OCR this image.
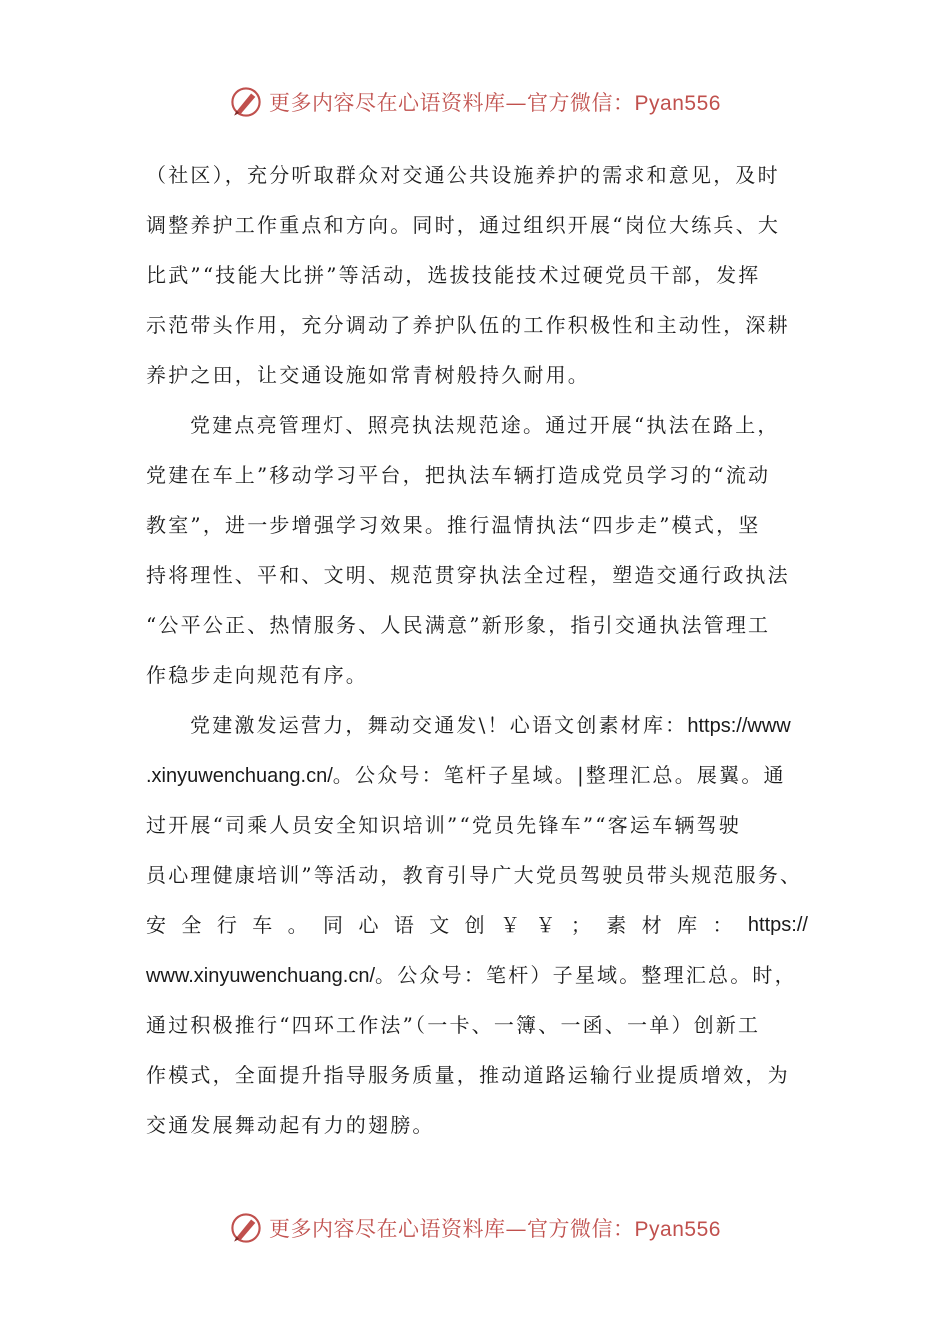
更多内容尽在心语资料库—官方微信：Pyan556
（社区），充分听取群众对交通公共设施养护的需求和意见，及时
调整养护工作重点和方向。同时，通过组织开展“岗位大练兵、大
比武”“技能大比拼”等活动，选拔技能技术过硬党员干部，发挥
示范带头作用，充分调动了养护队伍的工作积极性和主动性，深耕
养护之田，让交通设施如常青树般持久耐用。
党建点亮管理灯、照亮执法规范途。通过开展“执法在路上，
党建在车上”移动学习平台，把执法车辆打造成党员学习的“流动
教室”，进一步增强学习效果。推行温情执法“四步走”模式，坚
持将理性、平和、文明、规范贯穿执法全过程，塑造交通行政执法
“公平公正、热情服务、人民满意”新形象，指引交通执法管理工
作稳步走向规范有序。
党建激发运营力，舞动交通发\！心语文创素材库：https://www
.xinyuwenchuang.cn/。公众号：笔杆子星域。|整理汇总。展翼。通
过开展“司乘人员安全知识培训”“党员先锋车”“客运车辆驾驶
员心理健康培训”等活动，教育引导广大党员驾驶员带头规范服务、
安 全 行 车 。 同 心 语 文 创 ￥ ￥ ； 素 材 库 ： https://
www.xinyuwenchuang.cn/。公众号：笔杆）子星域。整理汇总。时，
通过积极推行“四环工作法”（一卡、一簿、一函、一单）创新工
作模式，全面提升指导服务质量，推动道路运输行业提质增效，为
交通发展舞动起有力的翅膀。
更多内容尽在心语资料库—官方微信：Pyan556
